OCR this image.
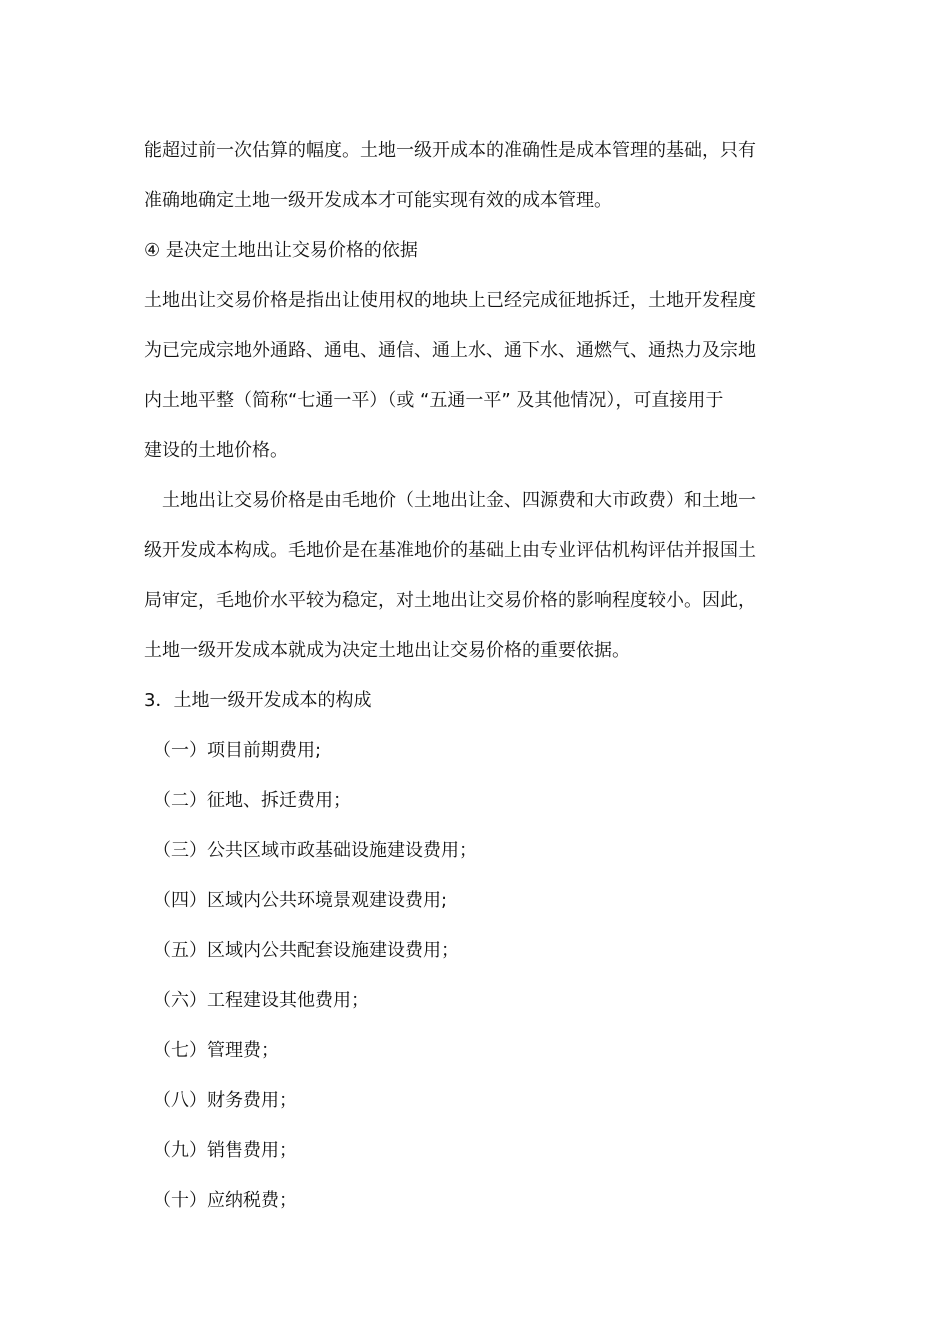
能超过前一次估算的幅度。土地一级开成本的准确性是成本管理的基础，只有
准确地确定土地一级开发成本才可能实现有效的成本管理。
④ 是决定土地出让交易价格的依据
土地出让交易价格是指出让使用权的地块上已经完成征地拆迁，土地开发程度
为已完成宗地外通路、通电、通信、通上水、通下水、通燃气、通热力及宗地
内土地平整（简称“七通一平）（或 “五通一平” 及其他情况），可直接用于
建设的土地价格。
土地出让交易价格是由毛地价（土地出让金、四源费和大市政费）和土地一
级开发成本构成。毛地价是在基准地价的基础上由专业评估机构评估并报国土
局审定，毛地价水平较为稳定，对土地出让交易价格的影响程度较小。因此，
土地一级开发成本就成为决定土地出让交易价格的重要依据。
3．土地一级开发成本的构成
（一）项目前期费用;
（二）征地、拆迁费用；
（三）公共区域市政基础设施建设费用；
（四）区域内公共环境景观建设费用;
（五）区域内公共配套设施建设费用；
（六）工程建设其他费用；
（七）管理费；
（八）财务费用；
（九）销售费用；
（十）应纳税费；
